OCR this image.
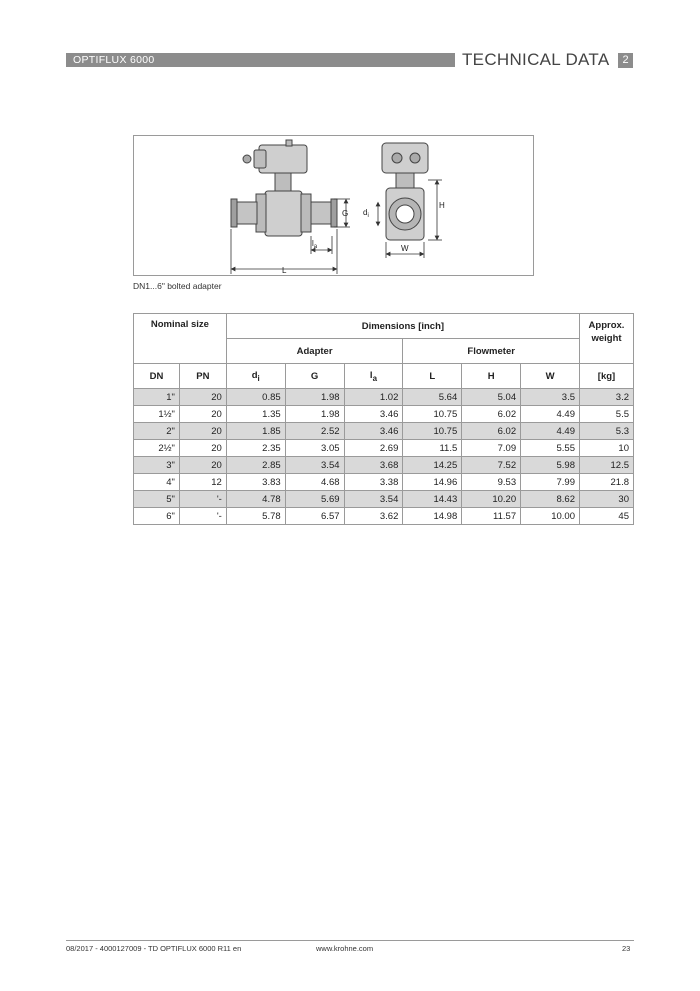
OPTIFLUX 6000	TECHNICAL DATA	2
L
$l_a$
G $d_i$
H
W
DN1...6" bolted adapter
Nominal size		Dimensions [inch]						Approx. weight
		Adapter			Flowmeter			
DN	PN	$d_i$	G	$l_a$	L	H	W	[kg]
1"	20	0.85	1.98	1.02	5.64	5.04	3.5	3.2
1½"	20	1.35	1.98	3.46	10.75	6.02	4.49	5.5
2"	20	1.85	2.52	3.46	10.75	6.02	4.49	5.3
2½"	20	2.35	3.05	2.69	11.5	7.09	5.55	10
3"	20	2.85	3.54	3.68	14.25	7.52	5.98	12.5
4"	12	3.83	4.68	3.38	14.96	9.53	7.99	21.8
5"	'-	4.78	5.69	3.54	14.43	10.20	8.62	30
6"	'-	5.78	6.57	3.62	14.98	11.57	10.00	45
08/2017 - 4000127009 - TD OPTIFLUX 6000 R11 en	www.krohne.com	23
